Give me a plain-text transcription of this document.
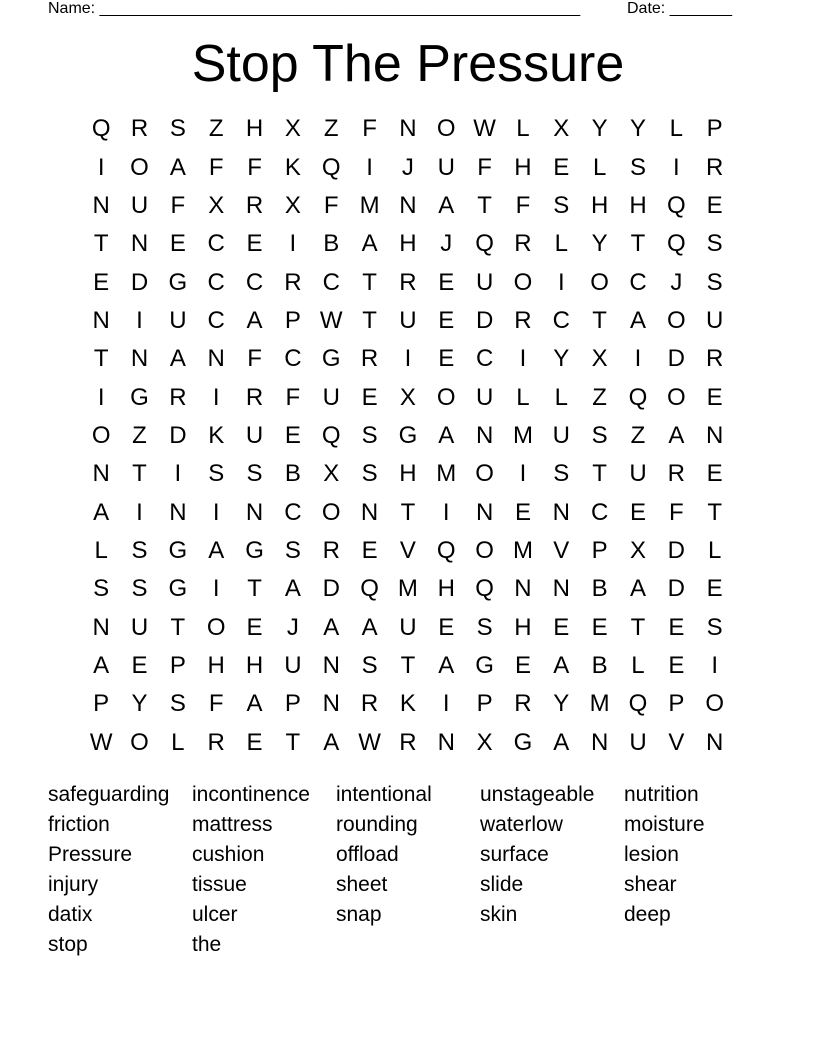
Name: ______________________________________________________	Date: _______
Stop The Pressure
Q R S Z H X Z F N O W L X Y Y L P
I	O A F F K Q	I	J U F H E L S	I	R
N U F X R X F M N A T F S H H Q E
T N E C E	I	B A H J Q R L Y T Q S
E D G C C R C T R E U O	I	O C J	S
N	I	U C A P W T U E D R C T A O U
T N A N F C G R	I	E C	I	Y X	I	D R
I	G R	I	R F U E X O U L	L	Z Q O E
O Z D K U E Q S G A N M U S Z A N
N T	I	S S B X S H M O	I	S T U R E
A	I	N	I	N C O N T	I	N E N C E F T
L S G A G S R E V Q O M V P X D L
S S G	I	T A D Q M H Q N N B A D E
N U T O E	J	A A U E S H E E T E S
A E P H H U N S T A G E A B L E	I
P Y S F A P N R K	I	P R Y M Q P O
W O L R E T A W R N X G A N U V N
safeguarding	incontinence	intentional	unstageable	nutrition
friction	mattress	rounding	waterlow	moisture
Pressure	cushion	offload	surface	lesion
injury	tissue	sheet	slide	shear
datix	ulcer	snap	skin	deep
stop	the
